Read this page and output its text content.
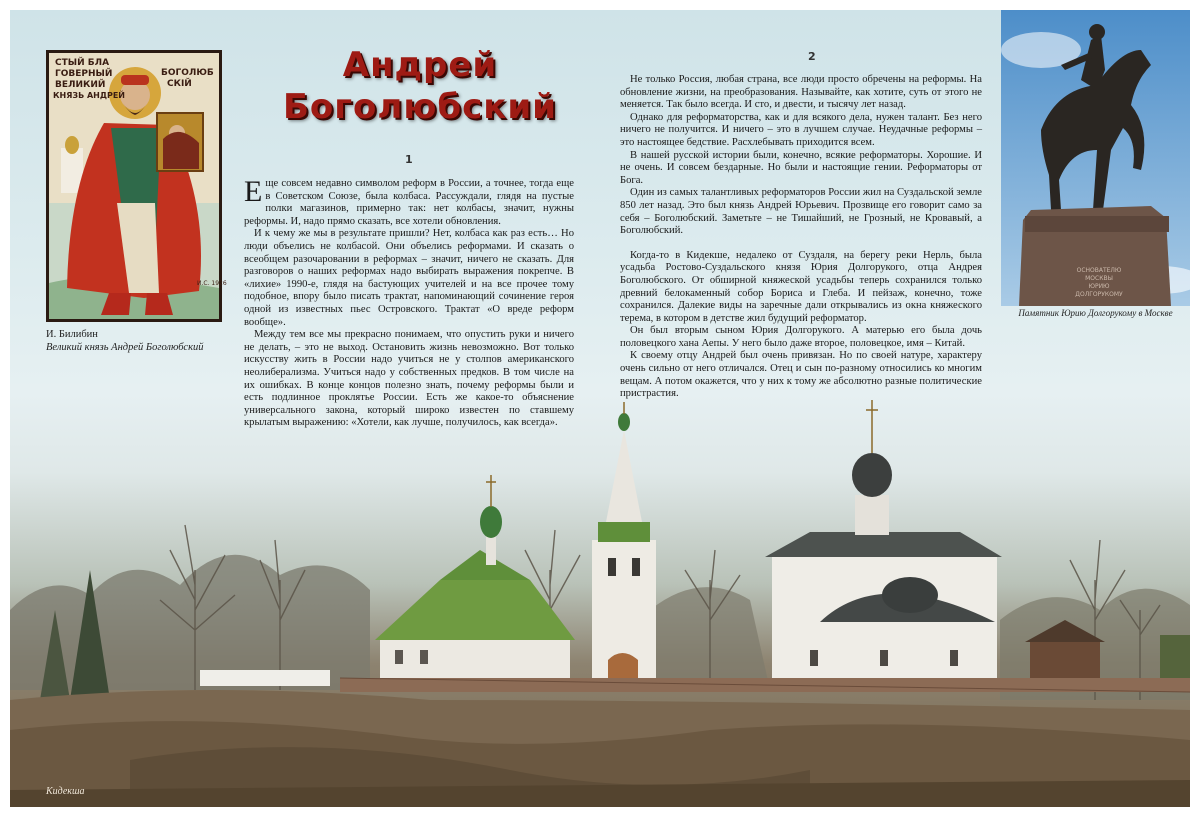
СТЫЙ БЛА
ГОВЕРНЫЙ
ВЕЛИКИЙ
КНЯЗЬ АНДРЕЙ
БОГОЛЮБ
СКІЙ
И.С. 1926
И. Билибин
Великий князь Андрей Боголюбский
Андрей
Боголюбский
1
2

Еще совсем недавно символом реформ в России, а точнее, тогда еще в Советском Союзе, была колбаса. Рассуждали, глядя на пустые полки магазинов, примерно так: нет колбасы, значит, нужны реформы. И, надо прямо сказать, все хотели обновления.

И к чему же мы в результате пришли? Нет, колбаса как раз есть… Но люди объелись не колбасой. Они объелись реформами. И сказать о всеобщем разочаровании в реформах – значит, ничего не сказать. Для разговоров о наших реформах надо выбирать выражения покрепче. В «лихие» 1990-е, глядя на бастующих учителей и на все прочее тому подобное, впору было писать трактат, напоминающий сочинение героя одной из известных пьес Островского. Трактат «О вреде реформ вообще».

Между тем все мы прекрасно понимаем, что опустить руки и ничего не делать, – это не выход. Остановить жизнь невозможно. Вот только искусству жить в России надо учиться не у столпов американского неолиберализма. Учиться надо у собственных предков. В том числе на их ошибках. В конце концов полезно знать, почему реформы были и есть подлинное проклятье России. Есть же какое-то объяснение универсального закона, который широко известен по ставшему крылатым выражению: «Хотели, как лучше, получилось, как всегда».

Не только Россия, любая страна, все люди просто обречены на реформы. На обновление жизни, на преобразования. Называйте, как хотите, суть от этого не меняется. Так было всегда. И сто, и двести, и тысячу лет назад.

Однако для реформаторства, как и для всякого дела, нужен талант. Без него ничего не получится. И ничего – это в лучшем случае. Неудачные реформы – это настоящее бедствие. Расхлебывать приходится всем.

В нашей русской истории были, конечно, всякие реформаторы. Хорошие. И не очень. И совсем бездарные. Но были и настоящие гении. Реформаторы от Бога.

Один из самых талантливых реформаторов России жил на Суздальской земле 850 лет назад. Это был князь Андрей Юрьевич. Прозвище его говорит само за себя – Боголюбский. Заметьте – не Тишайший, не Грозный, не Кровавый, а Боголюбский.

Когда-то в Кидекше, недалеко от Суздаля, на берегу реки Нерль, была усадьба Ростово-Суздальского князя Юрия Долгорукого, отца Андрея Боголюбского. От обширной княжеской усадьбы теперь сохранился только древний белокаменный собор Бориса и Глеба. И пейзаж, конечно, тоже сохранился. Далекие виды на заречные дали открывались из окна княжеского терема, в котором в детстве жил будущий реформатор.

Он был вторым сыном Юрия Долгорукого. А матерью его была дочь половецкого хана Аепы. У него было даже второе, половецкое, имя – Китай.

К своему отцу Андрей был очень привязан. Но по своей натуре, характеру очень сильно от него отличался. Отец и сын по-разному относились ко многим вещам. А потом окажется, что у них к тому же абсолютно разные политические пристрастия.

ОСНОВАТЕЛЮ
МОСКВЫ
ЮРИЮ
ДОЛГОРУКОМУ
Памятник Юрию Долгорукому в Москве
Кидекша
